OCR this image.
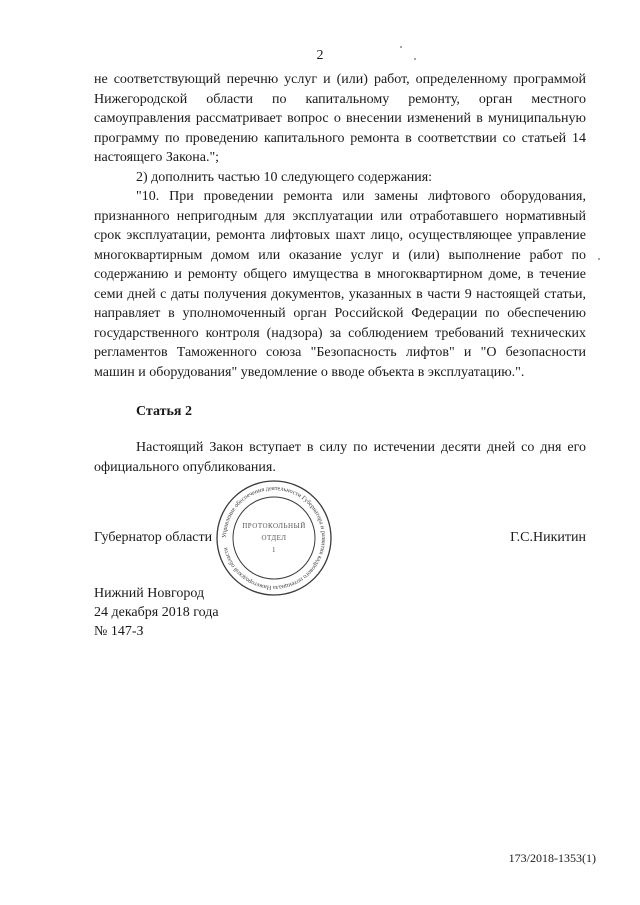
2

не соответствующий перечню услуг и (или) работ, определенному программой Нижегородской области по капитальному ремонту, орган местного самоуправления рассматривает вопрос о внесении изменений в муниципальную программу по проведению капитального ремонта в соответствии со статьей 14 настоящего Закона.";

2) дополнить частью 10 следующего содержания:

"10. При проведении ремонта или замены лифтового оборудования, признанного непригодным для эксплуатации или отработавшего нормативный срок эксплуатации, ремонта лифтовых шахт лицо, осуществляющее управление многоквартирным домом или оказание услуг и (или) выполнение работ по содержанию и ремонту общего имущества в многоквартирном доме, в течение семи дней с даты получения документов, указанных в части 9 настоящей статьи, направляет в уполномоченный орган Российской Федерации по обеспечению государственного контроля (надзора) за соблюдением требований технических регламентов Таможенного союза "Безопасность лифтов" и "О безопасности машин и оборудования" уведомление о вводе объекта в эксплуатацию.".

Статья 2
Настоящий Закон вступает в силу по истечении десяти дней со дня его официального опубликования.
Губернатор области	Г.С.Никитин
Управление обеспечения деятельности Губернатора и развития кадрового потенциала Нижегородской области
ПРОТОКОЛЬНЫЙ
ОТДЕЛ
1
Нижний Новгород
24 декабря 2018 года
№ 147-З
173/2018-1353(1)
